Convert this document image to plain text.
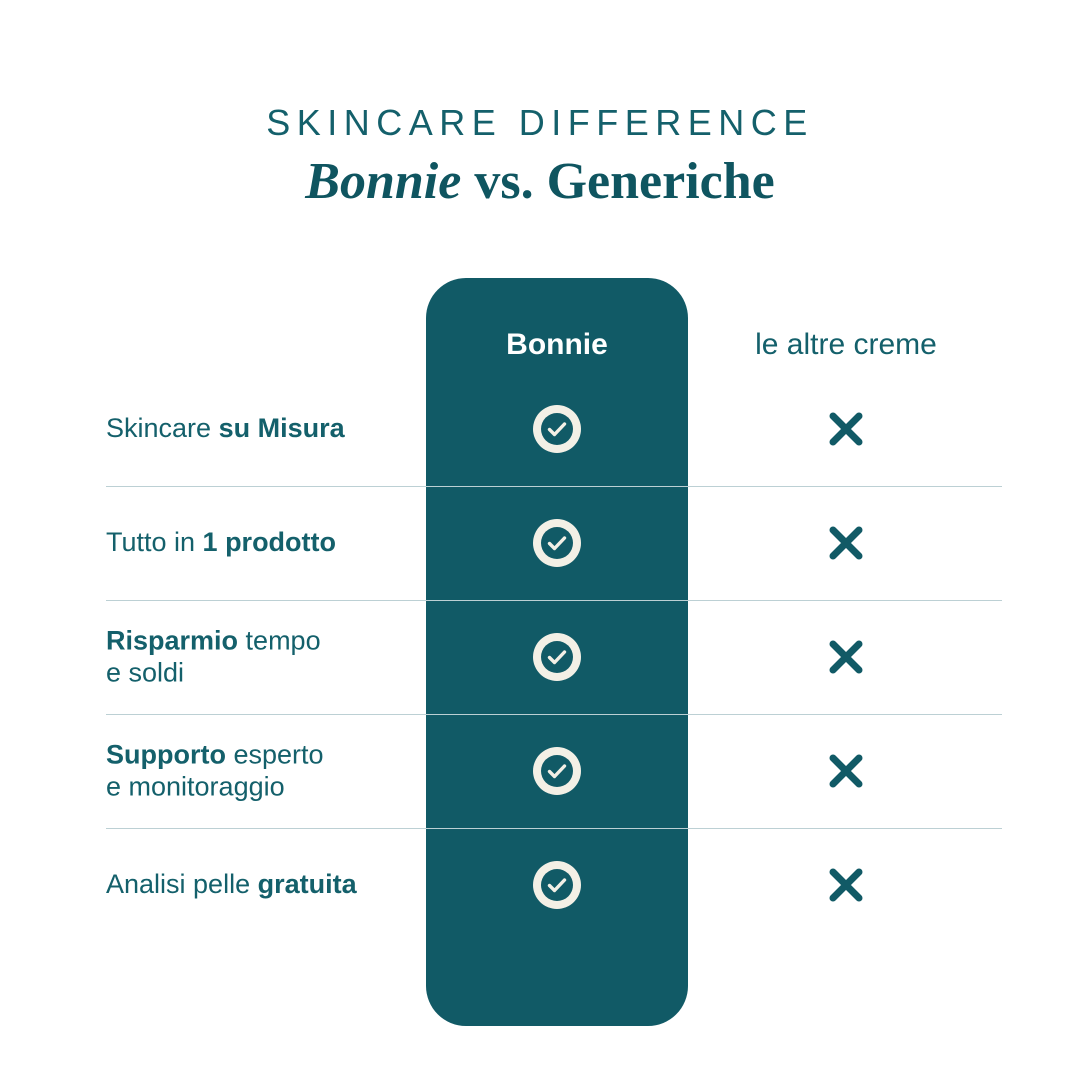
SKINCARE DIFFERENCE
Bonnie vs. Generiche
Bonnie	le altre creme
Skincare su Misura
Tutto in 1 prodotto
Risparmio tempo
e soldi
Supporto esperto
e monitoraggio
Analisi pelle gratuita
